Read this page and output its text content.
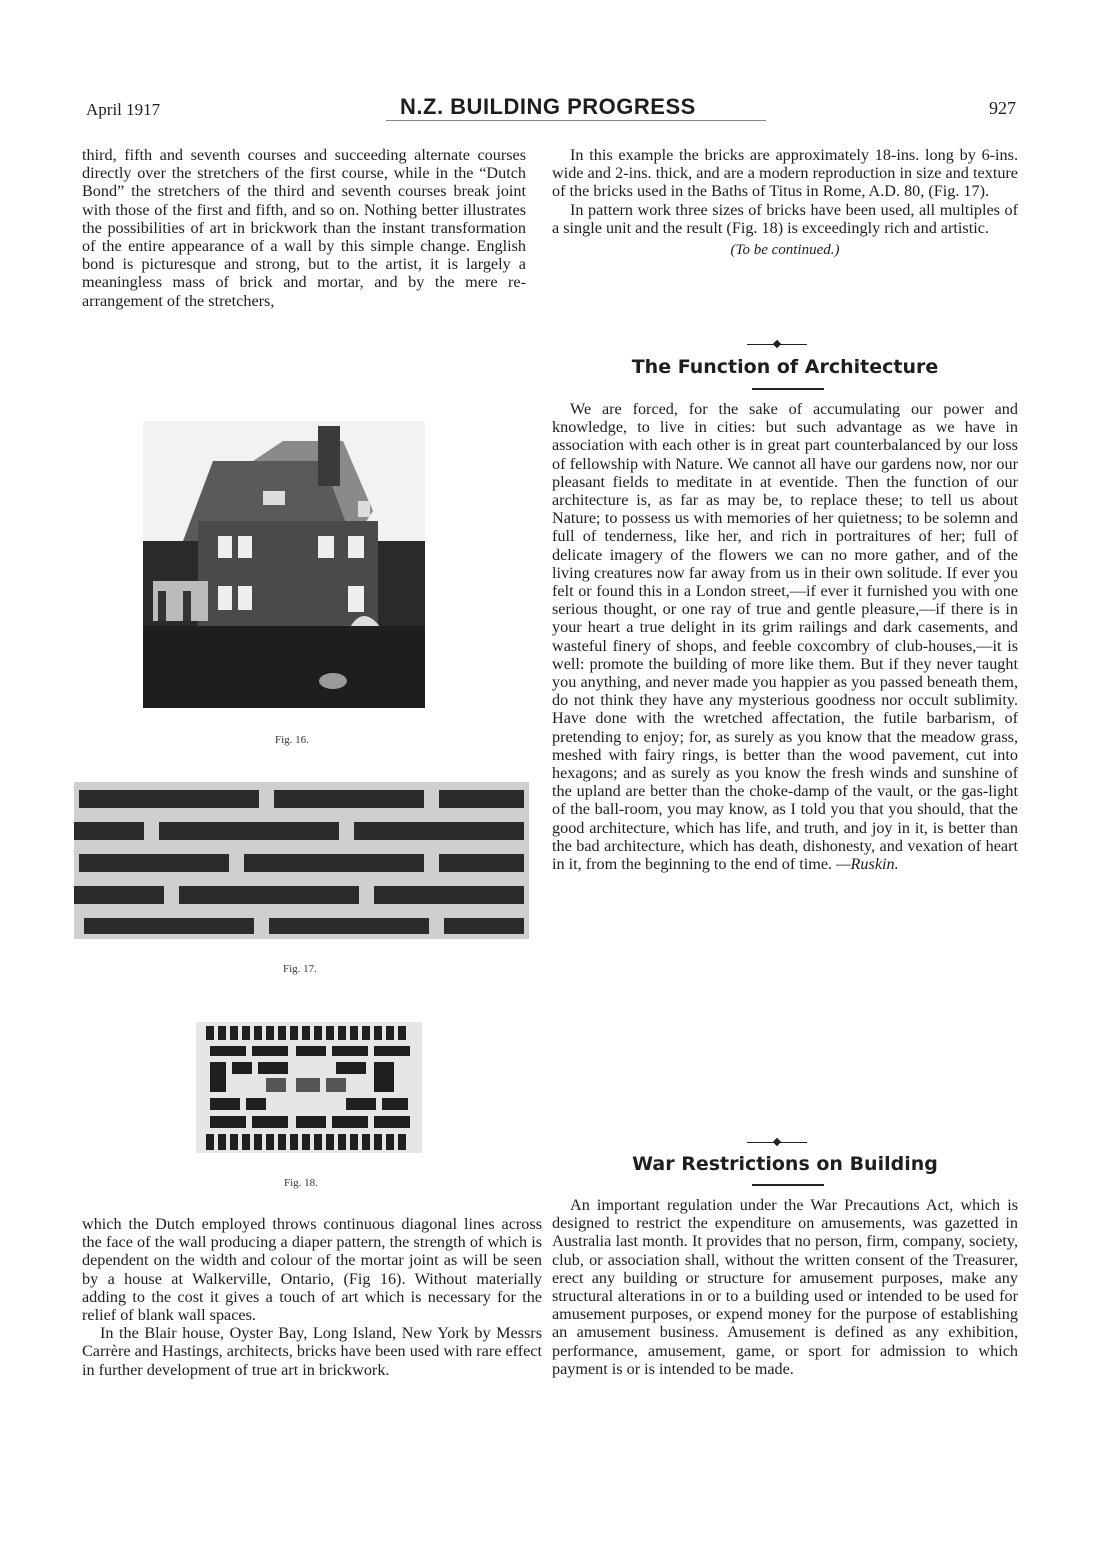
April 1917	N.Z. BUILDING PROGRESS	927

third, fifth and seventh courses and succeeding alternate courses directly over the stretchers of the first course, while in the “Dutch Bond” the stretchers of the third and seventh courses break joint with those of the first and fifth, and so on. Nothing better illustrates the possibilities of art in brickwork than the instant transformation of the entire appearance of a wall by this simple change. English bond is picturesque and strong, but to the artist, it is largely a meaningless mass of brick and mortar, and by the mere re-arrangement of the stretchers,

Fig. 16.
Fig. 17.
Fig. 18.

which the Dutch employed throws continuous diagonal lines across the face of the wall producing a diaper pattern, the strength of which is dependent on the width and colour of the mortar joint as will be seen by a house at Walkerville, Ontario, (Fig 16). Without materially adding to the cost it gives a touch of art which is necessary for the relief of blank wall spaces.

In the Blair house, Oyster Bay, Long Island, New York by Messrs Carrère and Hastings, architects, bricks have been used with rare effect in further development of true art in brickwork.

In this example the bricks are approximately 18-ins. long by 6-ins. wide and 2-ins. thick, and are a modern reproduction in size and texture of the bricks used in the Baths of Titus in Rome, A.D. 80, (Fig. 17).

In pattern work three sizes of bricks have been used, all multiples of a single unit and the result (Fig. 18) is exceedingly rich and artistic.

(To be continued.)
The Function of Architecture

We are forced, for the sake of accumulating our power and knowledge, to live in cities: but such advantage as we have in association with each other is in great part counterbalanced by our loss of fellowship with Nature. We cannot all have our gardens now, nor our pleasant fields to meditate in at eventide. Then the function of our architecture is, as far as may be, to replace these; to tell us about Nature; to possess us with memories of her quietness; to be solemn and full of tenderness, like her, and rich in portraitures of her; full of delicate imagery of the flowers we can no more gather, and of the living creatures now far away from us in their own solitude. If ever you felt or found this in a London street,—if ever it furnished you with one serious thought, or one ray of true and gentle pleasure,—if there is in your heart a true delight in its grim railings and dark casements, and wasteful finery of shops, and feeble coxcombry of club-houses,—it is well: promote the building of more like them. But if they never taught you anything, and never made you happier as you passed beneath them, do not think they have any mysterious goodness nor occult sublimity. Have done with the wretched affectation, the futile barbarism, of pretending to enjoy; for, as surely as you know that the meadow grass, meshed with fairy rings, is better than the wood pavement, cut into hexagons; and as surely as you know the fresh winds and sunshine of the upland are better than the choke-damp of the vault, or the gas-light of the ball-room, you may know, as I told you that you should, that the good architecture, which has life, and truth, and joy in it, is better than the bad architecture, which has death, dishonesty, and vexation of heart in it, from the beginning to the end of time. —Ruskin.

War Restrictions on Building

An important regulation under the War Precautions Act, which is designed to restrict the expenditure on amusements, was gazetted in Australia last month. It provides that no person, firm, company, society, club, or association shall, without the written consent of the Treasurer, erect any building or structure for amusement purposes, make any structural alterations in or to a building used or intended to be used for amusement purposes, or expend money for the purpose of establishing an amusement business. Amusement is defined as any exhibition, performance, amusement, game, or sport for admission to which payment is or is intended to be made.
